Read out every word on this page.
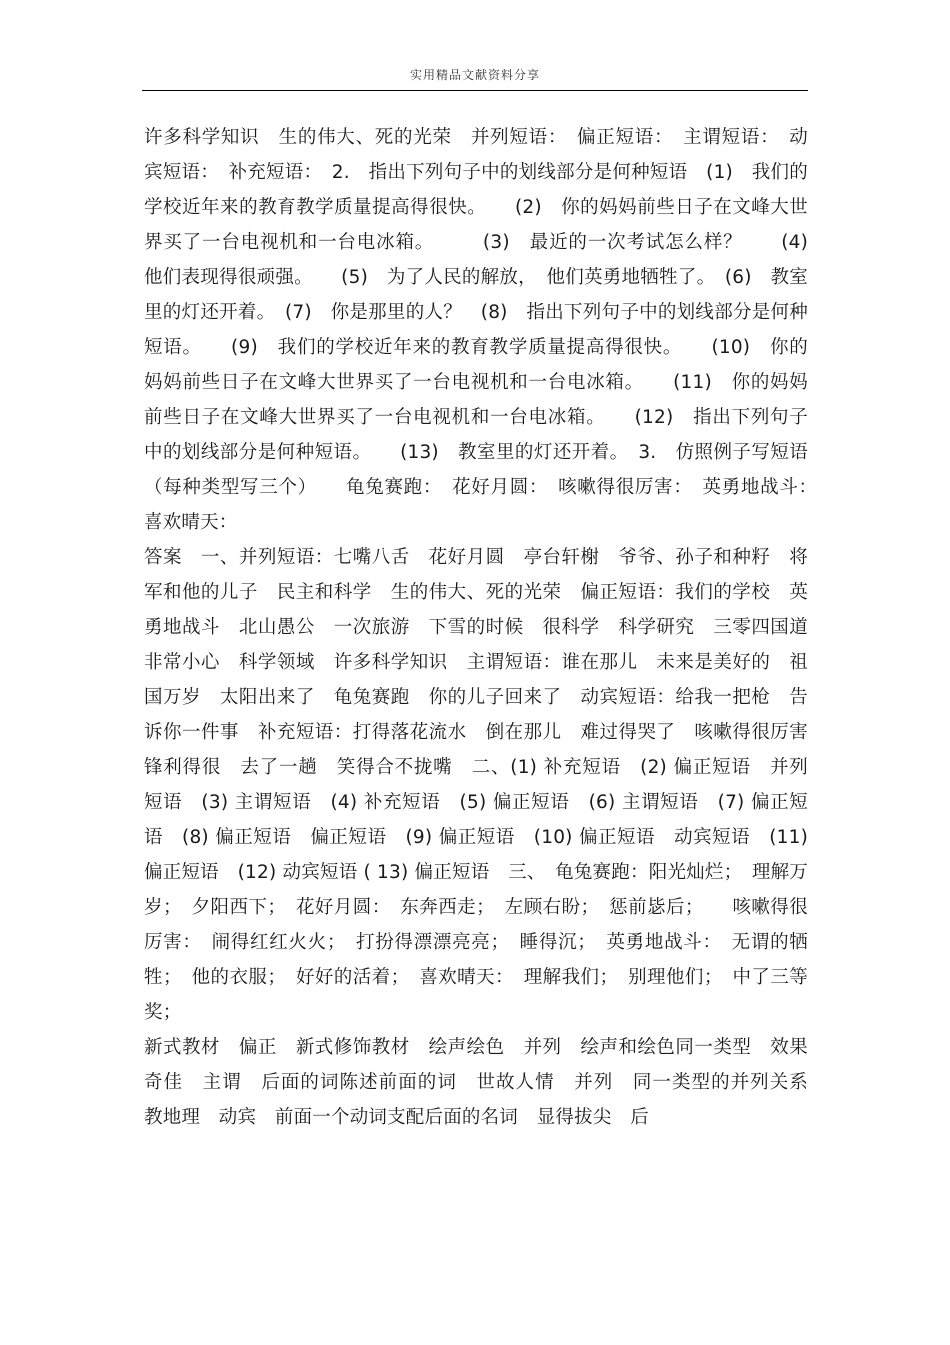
实用精品文献资料分享

许多科学知识　生的伟大、死的光荣　并列短语：　偏正短语：　主谓短语：　动宾短语：　补充短语：　2.　指出下列句子中的划线部分是何种短语　(1)　我们的学校近年来的教育教学质量提高得很快。　　(2)　你的妈妈前些日子在文峰大世界买了一台电视机和一台电冰箱。　　　(3)　最近的一次考试怎么样？　　(4)　他们表现得很顽强。　　(5)　为了人民的解放，　他们英勇地牺牲了。　(6)　教室里的灯还开着。　(7)　你是那里的人？　(8)　指出下列句子中的划线部分是何种短语。　　(9)　我们的学校近年来的教育教学质量提高得很快。　　(10)　你的妈妈前些日子在文峰大世界买了一台电视机和一台电冰箱。　　(11)　你的妈妈前些日子在文峰大世界买了一台电视机和一台电冰箱。　　(12)　指出下列句子中的划线部分是何种短语。　　(13)　教室里的灯还开着。　3.　仿照例子写短语（每种类型写三个）　　龟兔赛跑：　花好月圆：　咳嗽得很厉害：　英勇地战斗：　喜欢晴天：

答案　一、并列短语：七嘴八舌　花好月圆　亭台轩榭　爷爷、孙子和种籽　将军和他的儿子　民主和科学　生的伟大、死的光荣　偏正短语：我们的学校　英勇地战斗　北山愚公　一次旅游　下雪的时候　很科学　科学研究　三零四国道　非常小心　科学领域　许多科学知识　主谓短语：谁在那儿　未来是美好的　祖国万岁　太阳出来了　龟兔赛跑　你的儿子回来了　动宾短语：给我一把枪　告诉你一件事　补充短语：打得落花流水　倒在那儿　难过得哭了　咳嗽得很厉害　锋利得很　去了一趟　笑得合不拢嘴　二、(1) 补充短语　(2) 偏正短语　并列短语　(3) 主谓短语　(4) 补充短语　(5) 偏正短语　(6) 主谓短语　(7) 偏正短语　(8) 偏正短语　偏正短语　(9) 偏正短语　(10) 偏正短语　动宾短语　(11) 偏正短语　(12) 动宾短语 ( 13) 偏正短语　三、　龟兔赛跑：阳光灿烂；　理解万岁；　夕阳西下；　花好月圆：　东奔西走；　左顾右盼；　惩前毖后；　　咳嗽得很厉害：　闹得红红火火；　打扮得漂漂亮亮；　睡得沉；　英勇地战斗：　无谓的牺牲；　他的衣服；　好好的活着；　喜欢晴天：　理解我们；　别理他们；　中了三等奖；

新式教材　偏正　新式修饰教材　绘声绘色　并列　绘声和绘色同一类型　效果奇佳　主谓　后面的词陈述前面的词　世故人情　并列　同一类型的并列关系　教地理　动宾　前面一个动词支配后面的名词　显得拔尖　后
